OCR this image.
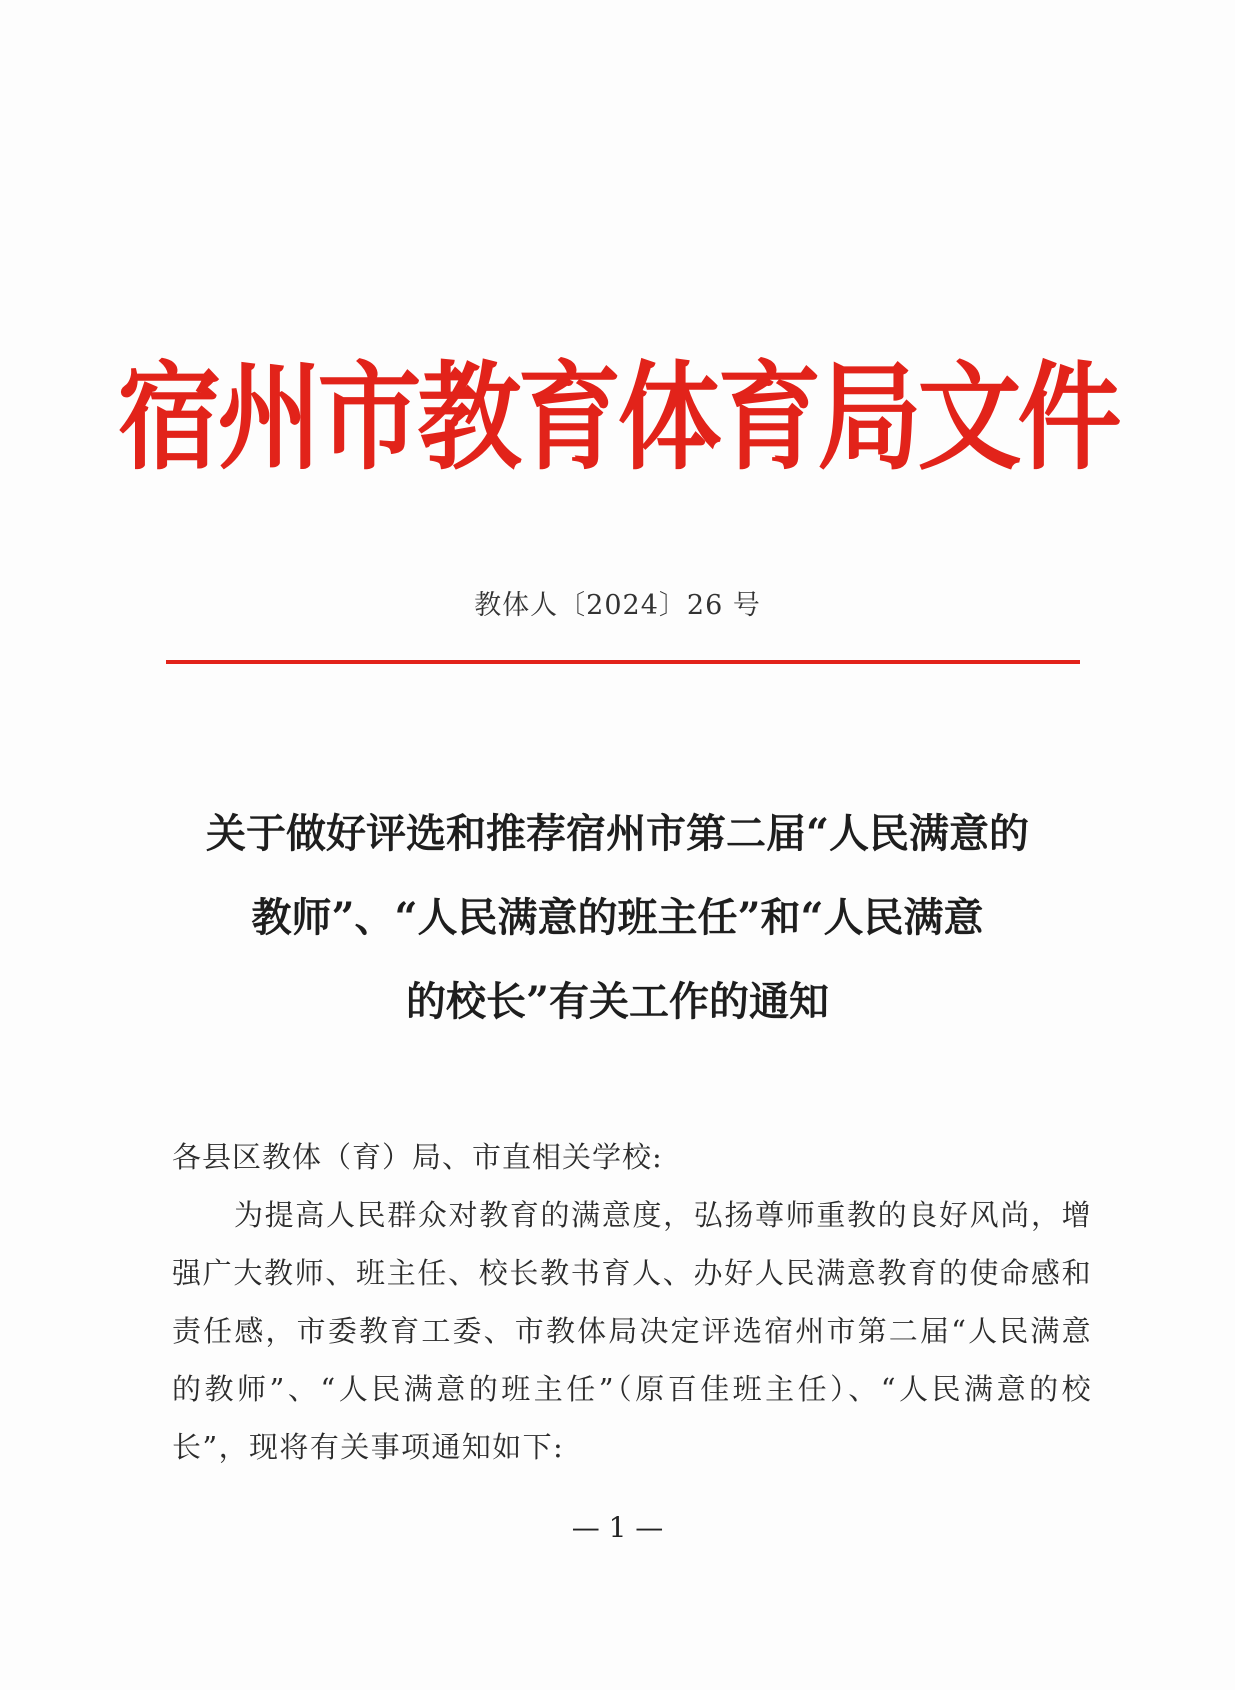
宿州市教育体育局文件
教体人〔2024〕26 号
关于做好评选和推荐宿州市第二届“人民满意的
教师”、“人民满意的班主任”和“人民满意
的校长”有关工作的通知

各县区教体（育）局、市直相关学校:

为提高人民群众对教育的满意度，弘扬尊师重教的良好风尚，增强广大教师、班主任、校长教书育人、办好人民满意教育的使命感和责任感，市委教育工委、市教体局决定评选宿州市第二届“人民满意的教师”、“人民满意的班主任”（原百佳班主任）、“人民满意的校长”，现将有关事项通知如下:

— 1 —
